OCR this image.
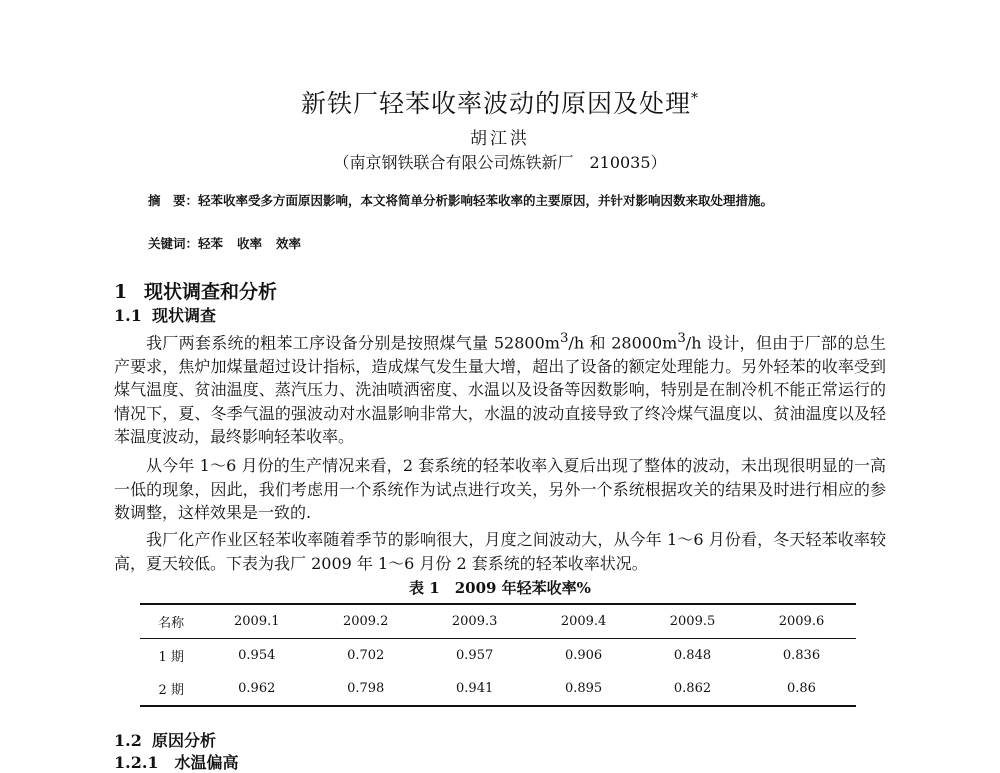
新铁厂轻苯收率波动的原因及处理*
胡江洪
（南京钢铁联合有限公司炼铁新厂　210035）
摘　要：轻苯收率受多方面原因影响，本文将简单分析影响轻苯收率的主要原因，并针对影响因数来取处理措施。
关键词：轻苯 收率 效率
1 现状调查和分析
1.1 现状调查
我厂两套系统的粗苯工序设备分别是按照煤气量 $52800m^3/h$ 和 $28000m^3/h$ 设计，但由于厂部的总生产要求，焦炉加煤量超过设计指标，造成煤气发生量大增，超出了设备的额定处理能力。另外轻苯的收率受到煤气温度、贫油温度、蒸汽压力、洗油喷洒密度、水温以及设备等因数影响，特别是在制冷机不能正常运行的情况下，夏、冬季气温的强波动对水温影响非常大，水温的波动直接导致了终冷煤气温度以、贫油温度以及轻苯温度波动，最终影响轻苯收率。
从今年 1～6 月份的生产情况来看，2 套系统的轻苯收率入夏后出现了整体的波动，未出现很明显的一高一低的现象，因此，我们考虑用一个系统作为试点进行攻关，另外一个系统根据攻关的结果及时进行相应的参数调整，这样效果是一致的.
我厂化产作业区轻苯收率随着季节的影响很大，月度之间波动大，从今年 1～6 月份看，冬天轻苯收率较高，夏天较低。下表为我厂 2009 年 1～6 月份 2 套系统的轻苯收率状况。
表 1　2009 年轻苯收率%
名称	2009.1	2009.2	2009.3	2009.4	2009.5	2009.6
1 期	0.954	0.702	0.957	0.906	0.848	0.836
2 期	0.962	0.798	0.941	0.895	0.862	0.86
1.2 原因分析
1.2.1　水温偏高
